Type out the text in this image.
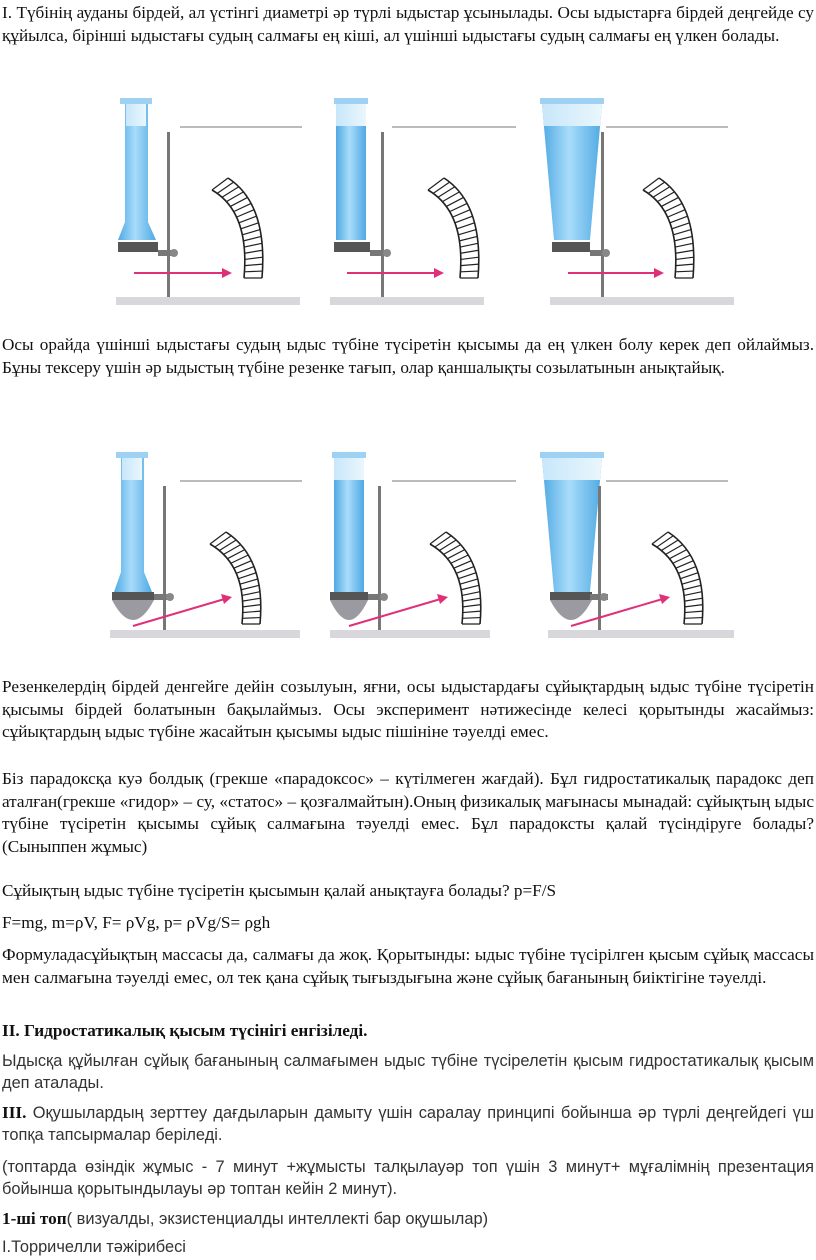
I. Түбінің ауданы бірдей, ал үстінгі диаметрі әр түрлі ыдыстар ұсынылады. Осы ыдыстарға бірдей деңгейде су құйылса, бірінші ыдыстағы судың салмағы ең кіші, ал үшінші ыдыстағы судың салмағы ең үлкен болады.

Осы орайда үшінші ыдыстағы судың ыдыс түбіне түсіретін қысымы да ең үлкен болу керек деп ойлаймыз. Бұны тексеру үшін әр ыдыстың түбіне резенке тағып, олар қаншалықты созылатынын анықтайық.

Резенкелердің бірдей денгейге дейін созылуын, яғни, осы ыдыстардағы сұйықтардың ыдыс түбіне түсіретін қысымы бірдей болатынын бақылаймыз. Осы эксперимент нәтижесінде келесі қорытынды жасаймыз: сұйықтардың ыдыс түбіне жасайтын қысымы ыдыс пішініне тәуелді емес.

Біз парадоксқа куә болдық (грекше «парадоксос» – күтілмеген жағдай). Бұл гидростатикалық парадокс деп аталған(грекше «гидор» – су, «статос» – қозғалмайтын).Оның физикалық мағынасы мынадай: сұйықтың ыдыс түбіне түсіретін қысымы сұйық салмағына тәуелді емес. Бұл парадоксты қалай түсіндіруге болады?(Сыныппен жұмыс)

Сұйықтың ыдыс түбіне түсіретін қысымын қалай анықтауға болады? p=F/S

F=mg, m=ρV, F= ρVg, p= ρVg/S= ρgh

Формуладасұйықтың массасы да, салмағы да жоқ. Қорытынды: ыдыс түбіне түсірілген қысым сұйық массасы мен салмағына тәуелді емес, ол тек қана сұйық тығыздығына және сұйық бағанының биіктігіне тәуелді.

II. Гидростатикалық қысым түсінігі енгізіледі.

Ыдысқа құйылған сұйық бағанының салмағымен ыдыс түбіне түсірелетін қысым гидростатикалық қысым деп аталады.

III. Оқушылардың зерттеу дағдыларын дамыту үшін саралау принципі бойынша әр түрлі деңгейдегі үш топқа тапсырмалар беріледі.

(топтарда өзіндік жұмыс - 7 минут +жұмысты талқылауәр топ үшін 3 минут+ мұғалімнің презентация бойынша қорытындылауы әр топтан кейін 2 минут).

1-ші топ( визуалды, экзистенциалды интеллекті бар оқушылар)

І.Торричелли тәжірибесі
